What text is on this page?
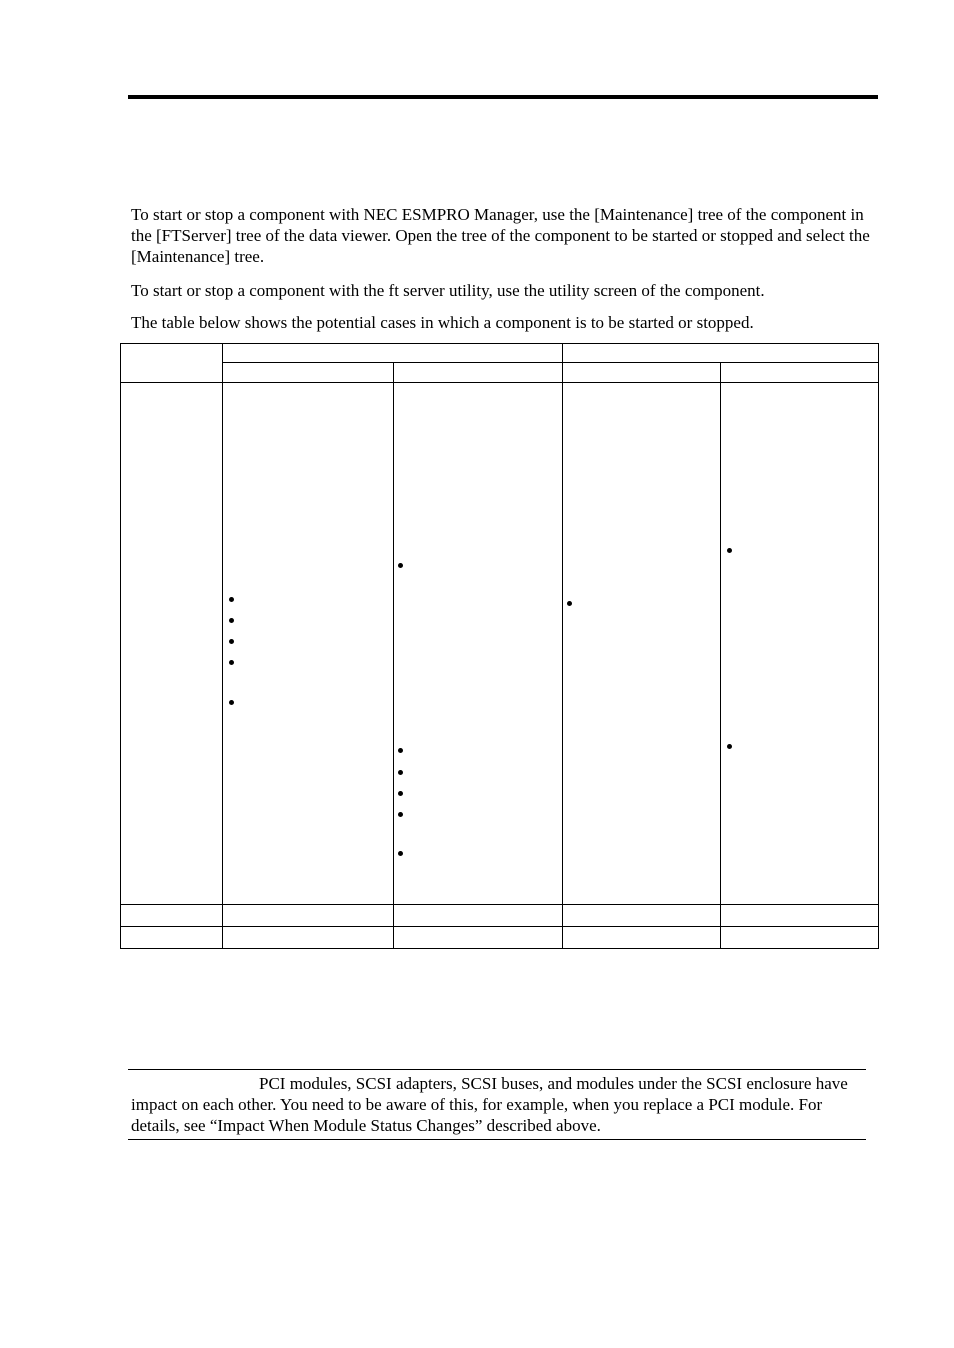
To start or stop a component with NEC ESMPRO Manager, use the [Maintenance] tree of the component in the [FTServer] tree of the data viewer. Open the tree of the component to be started or stopped and select the [Maintenance] tree.

To start or stop a component with the ft server utility, use the utility screen of the component.

The table below shows the potential cases in which a component is to be started or stopped.

PCI modules, SCSI adapters, SCSI buses, and modules under the SCSI enclosure have impact on each other. You need to be aware of this, for example, when you replace a PCI module. For details, see “Impact When Module Status Changes” described above.
